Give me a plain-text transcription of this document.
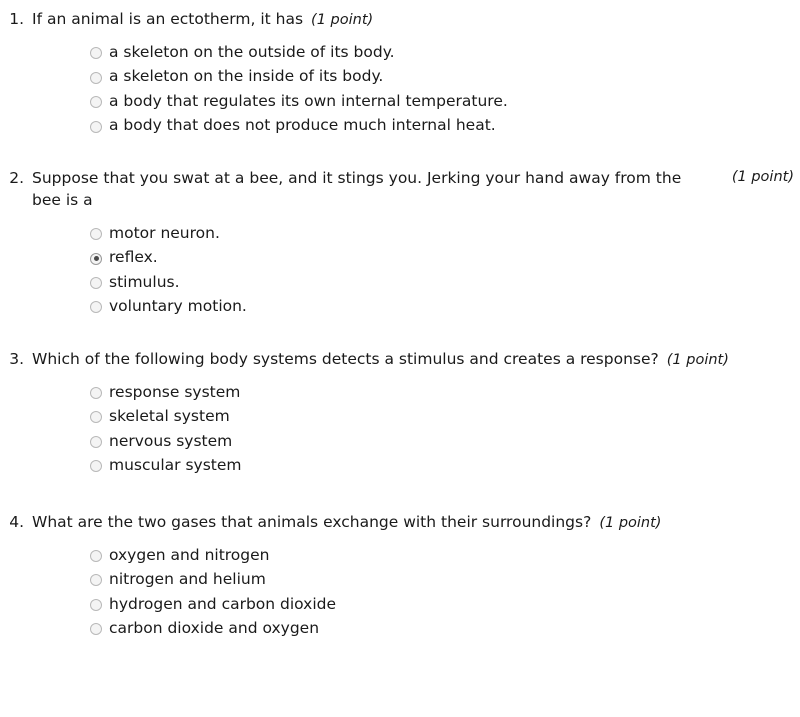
1. If an animal is an ectotherm, it has (1 point)
a skeleton on the outside of its body.
a skeleton on the inside of its body.
a body that regulates its own internal temperature.
a body that does not produce much internal heat.
2. Suppose that you swat at a bee, and it stings you. Jerking your hand away from the bee is a
(1 point)
motor neuron.
reflex.
stimulus.
voluntary motion.
3. Which of the following body systems detects a stimulus and creates a response? (1 point)
response system
skeletal system
nervous system
muscular system
4. What are the two gases that animals exchange with their surroundings? (1 point)
oxygen and nitrogen
nitrogen and helium
hydrogen and carbon dioxide
carbon dioxide and oxygen
